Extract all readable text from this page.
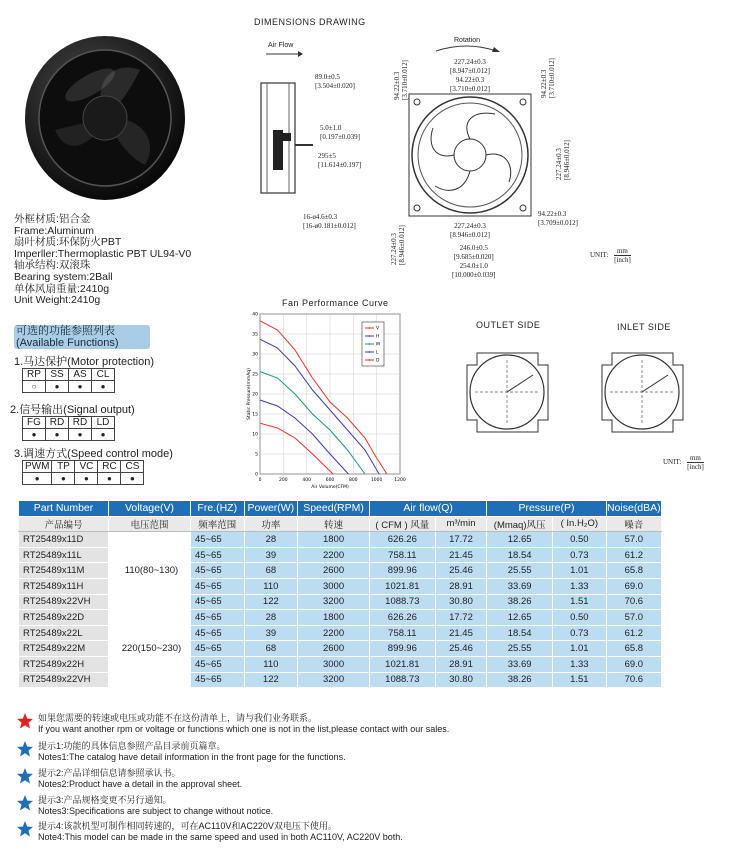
DIMENSIONS DRAWING
Air Flow
Rotation
89.0±0.5
[3.504±0.020]
5.0±1.0
[0.197±0.039]
295±5
[11.614±0.197]
16-ø4.6±0.3
[16-ø0.181±0.012]
227.24±0.3
[8.947±0.012]
94.22±0.3
[3.710±0.012]
227.24±0.3
[8.946±0.012]
246.0±0.5
[9.685±0.020]
254.0±1.0
[10.000±0.039]
94.22±0.3
[3.709±0.012]
94.22±0.3 [3.710±0.012]	94.22±0.3 [3.710±0.012]
227.24±0.3 [8.946±0.012]
227.24±0.3 [8.946±0.012]	UNIT:
mm
[inch]
外框材质:铝合金
Frame:Aluminum
扇叶材质:环保防火PBT
Imperller:Thermoplastic PBT UL94-V0
轴承结构:双滚珠
Bearing system:2Ball
单体风扇重量:2410g
Unit Weight:2410g
可选的功能参照列表
(Available Functions)
1.马达保护(Motor protection)
RP	SS	AS	CL
○	●	●	●
2.信号输出(Signal output)
FG	RD	$\overline{RD}$	LD
●	●	●	●
3.调速方式(Speed control mode)
PWM	TP	VC	RC	CS
●	●	●	●	●
Fan Performance Curve
0	200	400	600	800	1000	1200
0
5
10
15
20
25
30
35
40
Air Volume(CFM)
Static Pressure(mmAq)
V
H
M
L
D
OUTLET SIDE	INLET SIDE
UNIT:
mm
[inch]
Part Number	Voltage(V)	Fre.(HZ)	Power(W)	Speed(RPM)	Air flow(Q)		Pressure(P)		Noise(dBA)
产品编号	电压范围	频率范围	功率	转速	( CFM ) 风量	m³/min	(Mmaq)风压	( In.H₂O)	噪音
RT25489x11D	110(80~130)	45~65	28	1800	626.26	17.72	12.65	0.50	57.0
RT25489x11L		45~65	39	2200	758.11	21.45	18.54	0.73	61.2
RT25489x11M		45~65	68	2600	899.96	25.46	25.55	1.01	65.8
RT25489x11H		45~65	110	3000	1021.81	28.91	33.69	1.33	69.0
RT25489x22VH		45~65	122	3200	1088.73	30.80	38.26	1.51	70.6
RT25489x22D	220(150~230)	45~65	28	1800	626.26	17.72	12.65	0.50	57.0
RT25489x22L		45~65	39	2200	758.11	21.45	18.54	0.73	61.2
RT25489x22M		45~65	68	2600	899.96	25.46	25.55	1.01	65.8
RT25489x22H		45~65	110	3000	1021.81	28.91	33.69	1.33	69.0
RT25489x22VH		45~65	122	3200	1088.73	30.80	38.26	1.51	70.6
如果您需要的转速或电压或功能不在这份清单上，请与我们业务联系。
If you want another rpm or voltage or functions which one is not in the list,please contact with our sales.
提示1:功能的具体信息参照产品目录前页篇章。
Notes1:The catalog have detail information in the front page for the functions.
提示2:产品详细信息请参照承认书。
Notes2:Product have a detail in the approval sheet.
提示3:产品规格变更不另行通知。
Notes3:Specifications are subject to change without notice.
提示4:该款机型可制作相同转速的，可在AC110V和AC220V双电压下使用。
Note4:This model can be made in the same speed and used in both AC110V, AC220V both.
